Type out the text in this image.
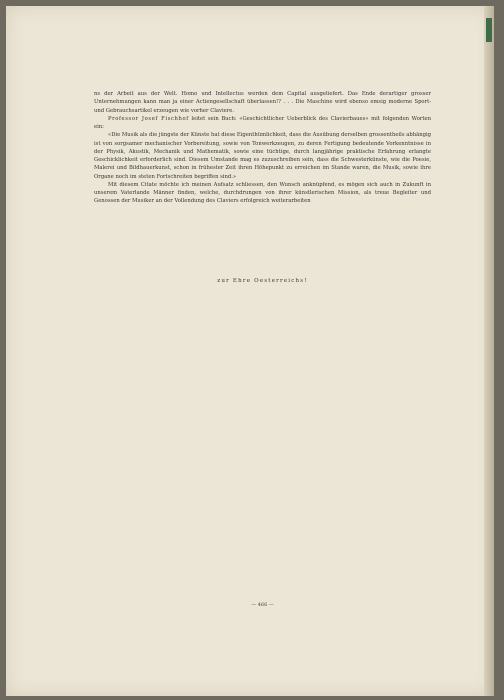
ns der Arbeit aus der Welt. Homo und Intellectus werden dem Capital ausgeliefert. Das Ende derartiger grosser Unternehmungen kann man ja einer Actiengesellschaft überlassen!? . . . Die Maschine wird ebenso emsig moderne Sport- und Gebrauchsartikel erzeugen wie vorher Claviere.

Professor Josef Fischhof leitet sein Buch: «Geschichtlicher Ueberblick des Clavierbaues» mit folgenden Worten ein:

«Die Musik als die jüngste der Künste hat diese Eigenthümlichkeit, dass die Ausübung derselben grossentheils abhängig ist von sorgsamer mechanischer Vorbereitung, sowie von Tonwerkzeugen, zu deren Fertigung bedeutende Vorkenntnisse in der Physik, Akustik, Mechanik und Mathematik, sowie eine tüchtige, durch langjährige praktische Erfahrung erlangte Geschicklichkeit erforderlich sind. Diesem Umstande mag es zuzuschreiben sein, dass die Schwesterkünste, wie die Poesie, Malerei und Bildhauerkunst, schon in frühester Zeit ihren Höhepunkt zu erreichen im Stande waren, die Musik, sowie ihre Organe noch im steten Fortschreiten begriffen sind.»

Mit diesem Citate möchte ich meinen Aufsatz schliessen, den Wunsch anknüpfend, es mögen sich auch in Zukunft in unserem Vaterlande Männer finden, welche, durchdrungen von ihrer künstlerischen Mission, als treue Begleiter und Genossen der Musiker an der Vollendung des Claviers erfolgreich weiterarbeiten

zur Ehre Oesterreichs!
— 466 —
